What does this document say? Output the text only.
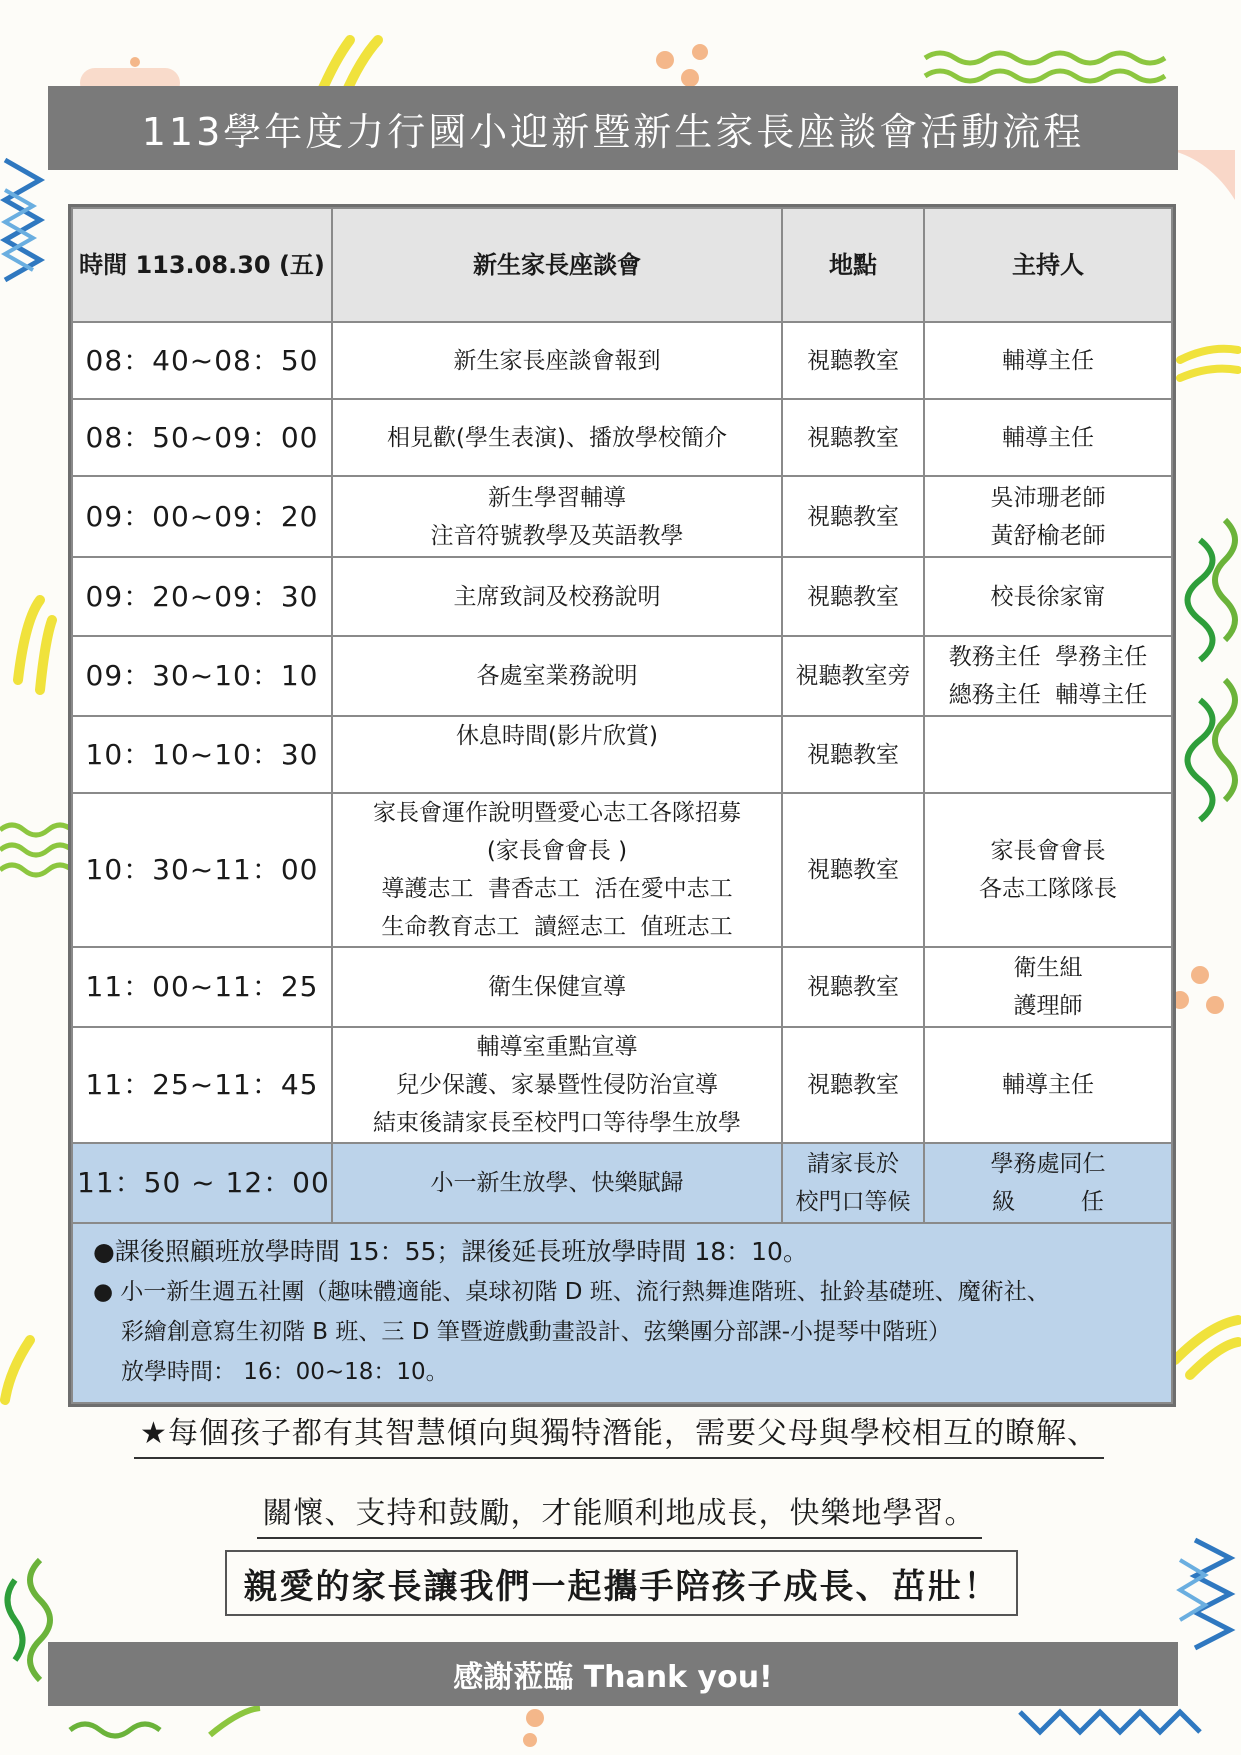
113學年度力行國小迎新暨新生家長座談會活動流程
時間 113.08.30 (五)	新生家長座談會	地點	主持人
08：40~08：50	新生家長座談會報到	視聽教室	輔導主任

08：50~09：00	相見歡(學生表演)、播放學校簡介	視聽教室	輔導主任

09：00~09：20	新生學習輔導
注音符號教學及英語教學	視聽教室	吳沛珊老師
黃舒榆老師

09：20~09：30	主席致詞及校務說明	視聽教室	校長徐家甯

09：30~10：10	各處室業務說明	視聽教室旁	教務主任  學務主任
總務主任  輔導主任

10：10~10：30	休息時間(影片欣賞)	視聽教室	

10：30~11：00	家長會運作說明暨愛心志工各隊招募
(家長會會長 )
導護志工  書香志工  活在愛中志工
生命教育志工  讀經志工  值班志工	視聽教室	家長會會長
各志工隊隊長

11：00~11：25	衛生保健宣導	視聽教室	衛生組
護理師

11：25~11：45	輔導室重點宣導
兒少保護、家暴暨性侵防治宣導
結束後請家長至校門口等待學生放學	視聽教室	輔導主任

11：50 ~ 12：00	小一新生放學、快樂賦歸	請家長於
校門口等候	學務處同仁
級         任

●課後照顧班放學時間 15：55；課後延長班放學時間 18：10。
● 小一新生週五社團（趣味體適能、桌球初階 D 班、流行熱舞進階班、扯鈴基礎班、魔術社、
彩繪創意寫生初階 B 班、三 D 筆暨遊戲動畫設計、弦樂團分部課-小提琴中階班）
放學時間： 16：00~18：10。			
★每個孩子都有其智慧傾向與獨特潛能，需要父母與學校相互的瞭解、
關懷、支持和鼓勵，才能順利地成長，快樂地學習。
親愛的家長讓我們一起攜手陪孩子成長、茁壯！
感謝蒞臨 Thank you!
